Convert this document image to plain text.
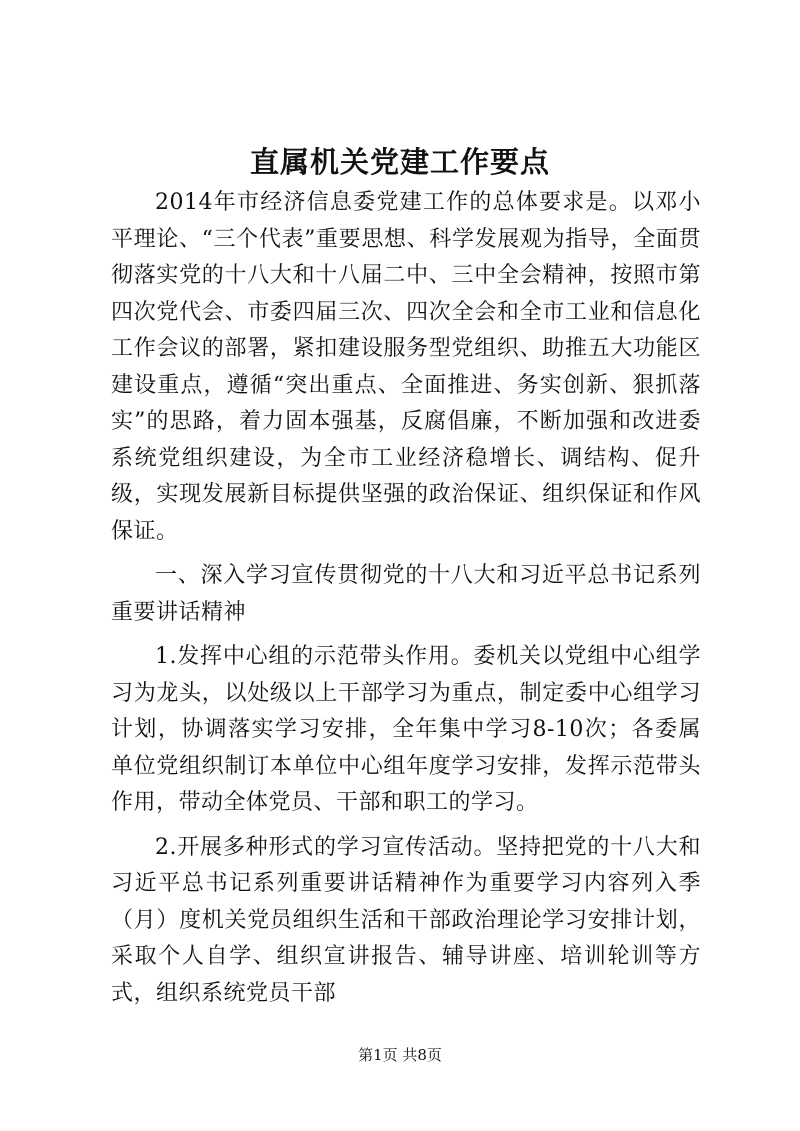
直属机关党建工作要点

2014年市经济信息委党建工作的总体要求是。以邓小平理论、“三个代表”重要思想、科学发展观为指导，全面贯彻落实党的十八大和十八届二中、三中全会精神，按照市第四次党代会、市委四届三次、四次全会和全市工业和信息化工作会议的部署，紧扣建设服务型党组织、助推五大功能区建设重点，遵循“突出重点、全面推进、务实创新、狠抓落实”的思路，着力固本强基，反腐倡廉，不断加强和改进委系统党组织建设，为全市工业经济稳增长、调结构、促升级，实现发展新目标提供坚强的政治保证、组织保证和作风保证。

一、深入学习宣传贯彻党的十八大和习近平总书记系列重要讲话精神

1.发挥中心组的示范带头作用。委机关以党组中心组学习为龙头，以处级以上干部学习为重点，制定委中心组学习计划，协调落实学习安排，全年集中学习8-10次；各委属单位党组织制订本单位中心组年度学习安排，发挥示范带头作用，带动全体党员、干部和职工的学习。

2.开展多种形式的学习宣传活动。坚持把党的十八大和习近平总书记系列重要讲话精神作为重要学习内容列入季（月）度机关党员组织生活和干部政治理论学习安排计划，采取个人自学、组织宣讲报告、辅导讲座、培训轮训等方式，组织系统党员干部

第1页 共8页
